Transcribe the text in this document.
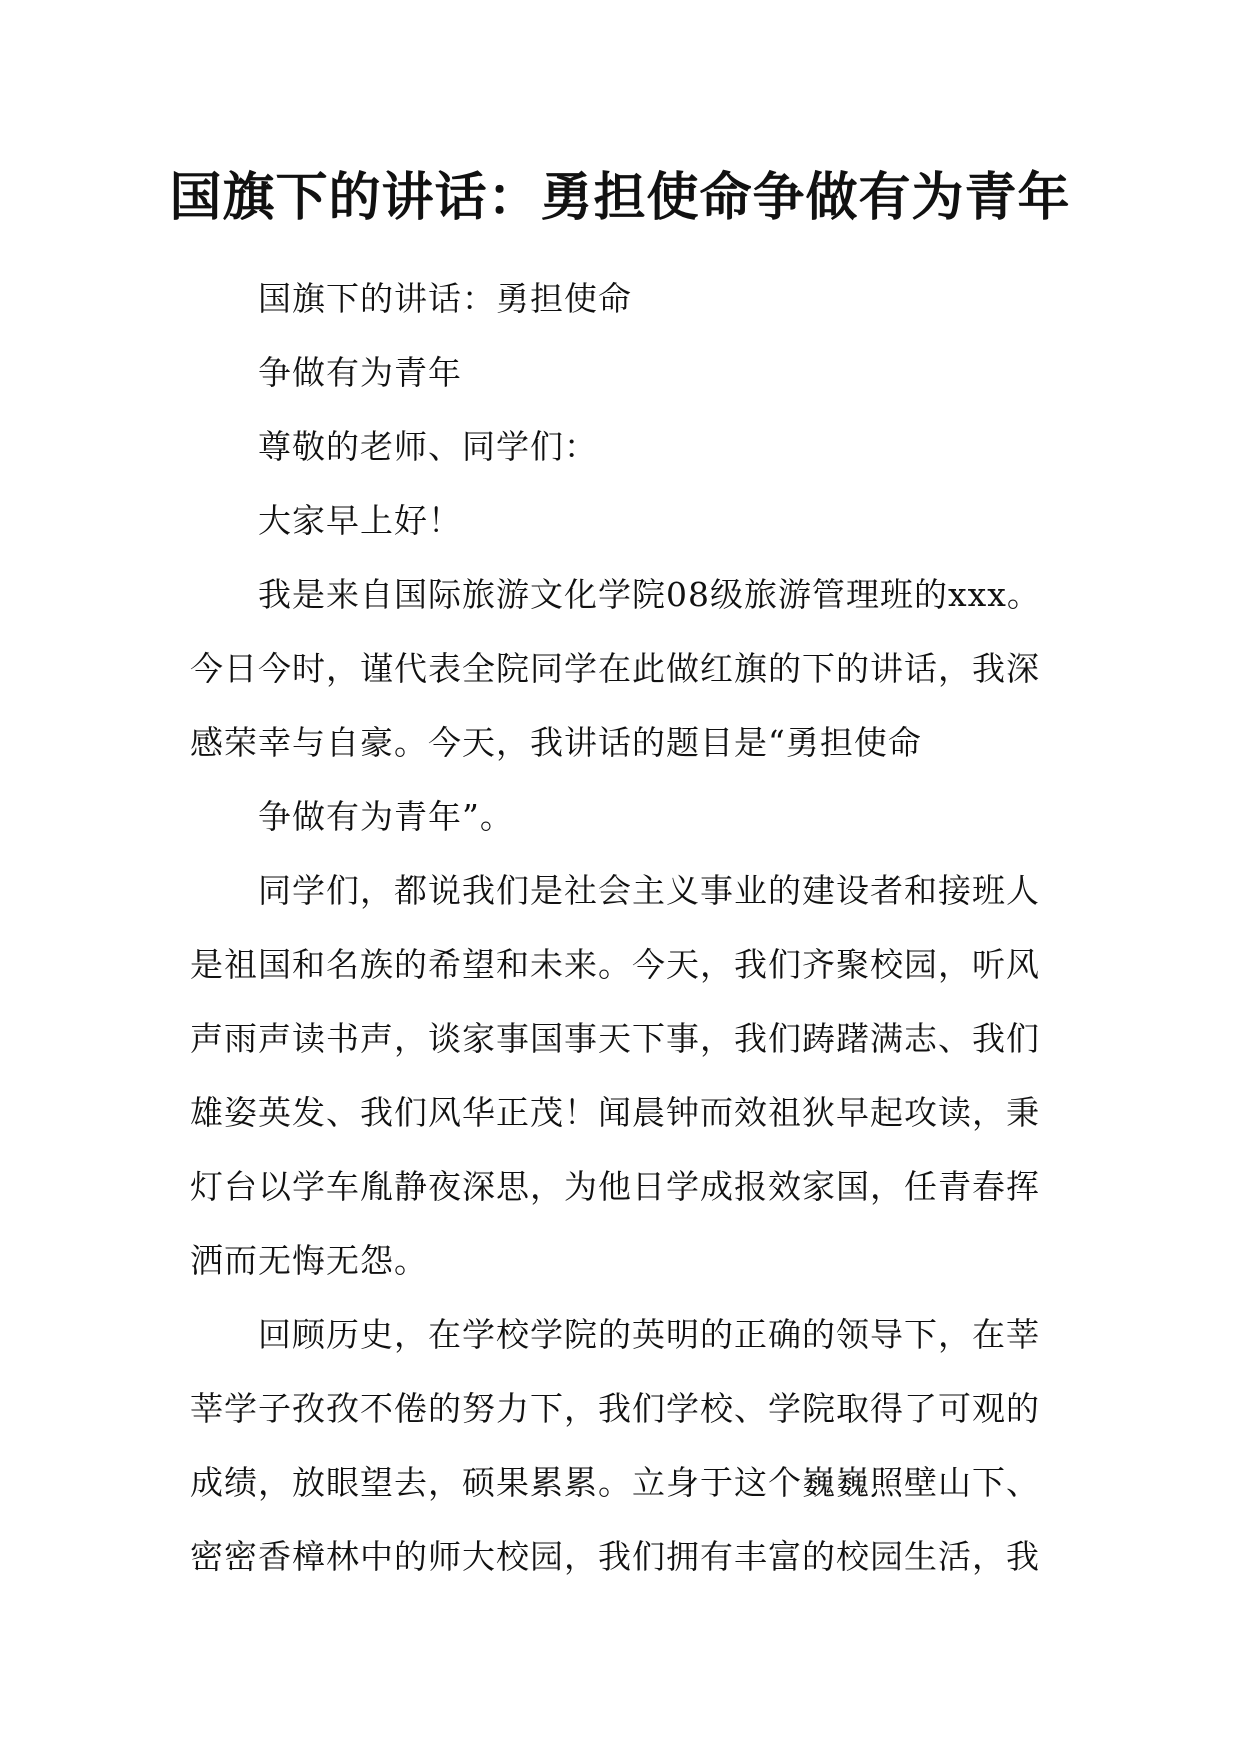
国旗下的讲话：勇担使命争做有为青年
国旗下的讲话：勇担使命
争做有为青年
尊敬的老师、同学们：
大家早上好！
我是来自国际旅游文化学院08级旅游管理班的xxx。
今日今时，谨代表全院同学在此做红旗的下的讲话，我深
感荣幸与自豪。今天，我讲话的题目是“勇担使命
争做有为青年”。
同学们，都说我们是社会主义事业的建设者和接班人
是祖国和名族的希望和未来。今天，我们齐聚校园，听风
声雨声读书声，谈家事国事天下事，我们踌躇满志、我们
雄姿英发、我们风华正茂！闻晨钟而效祖狄早起攻读，秉
灯台以学车胤静夜深思，为他日学成报效家国，任青春挥
洒而无悔无怨。
回顾历史，在学校学院的英明的正确的领导下，在莘
莘学子孜孜不倦的努力下，我们学校、学院取得了可观的
成绩，放眼望去，硕果累累。立身于这个巍巍照壁山下、
密密香樟林中的师大校园，我们拥有丰富的校园生活，我
